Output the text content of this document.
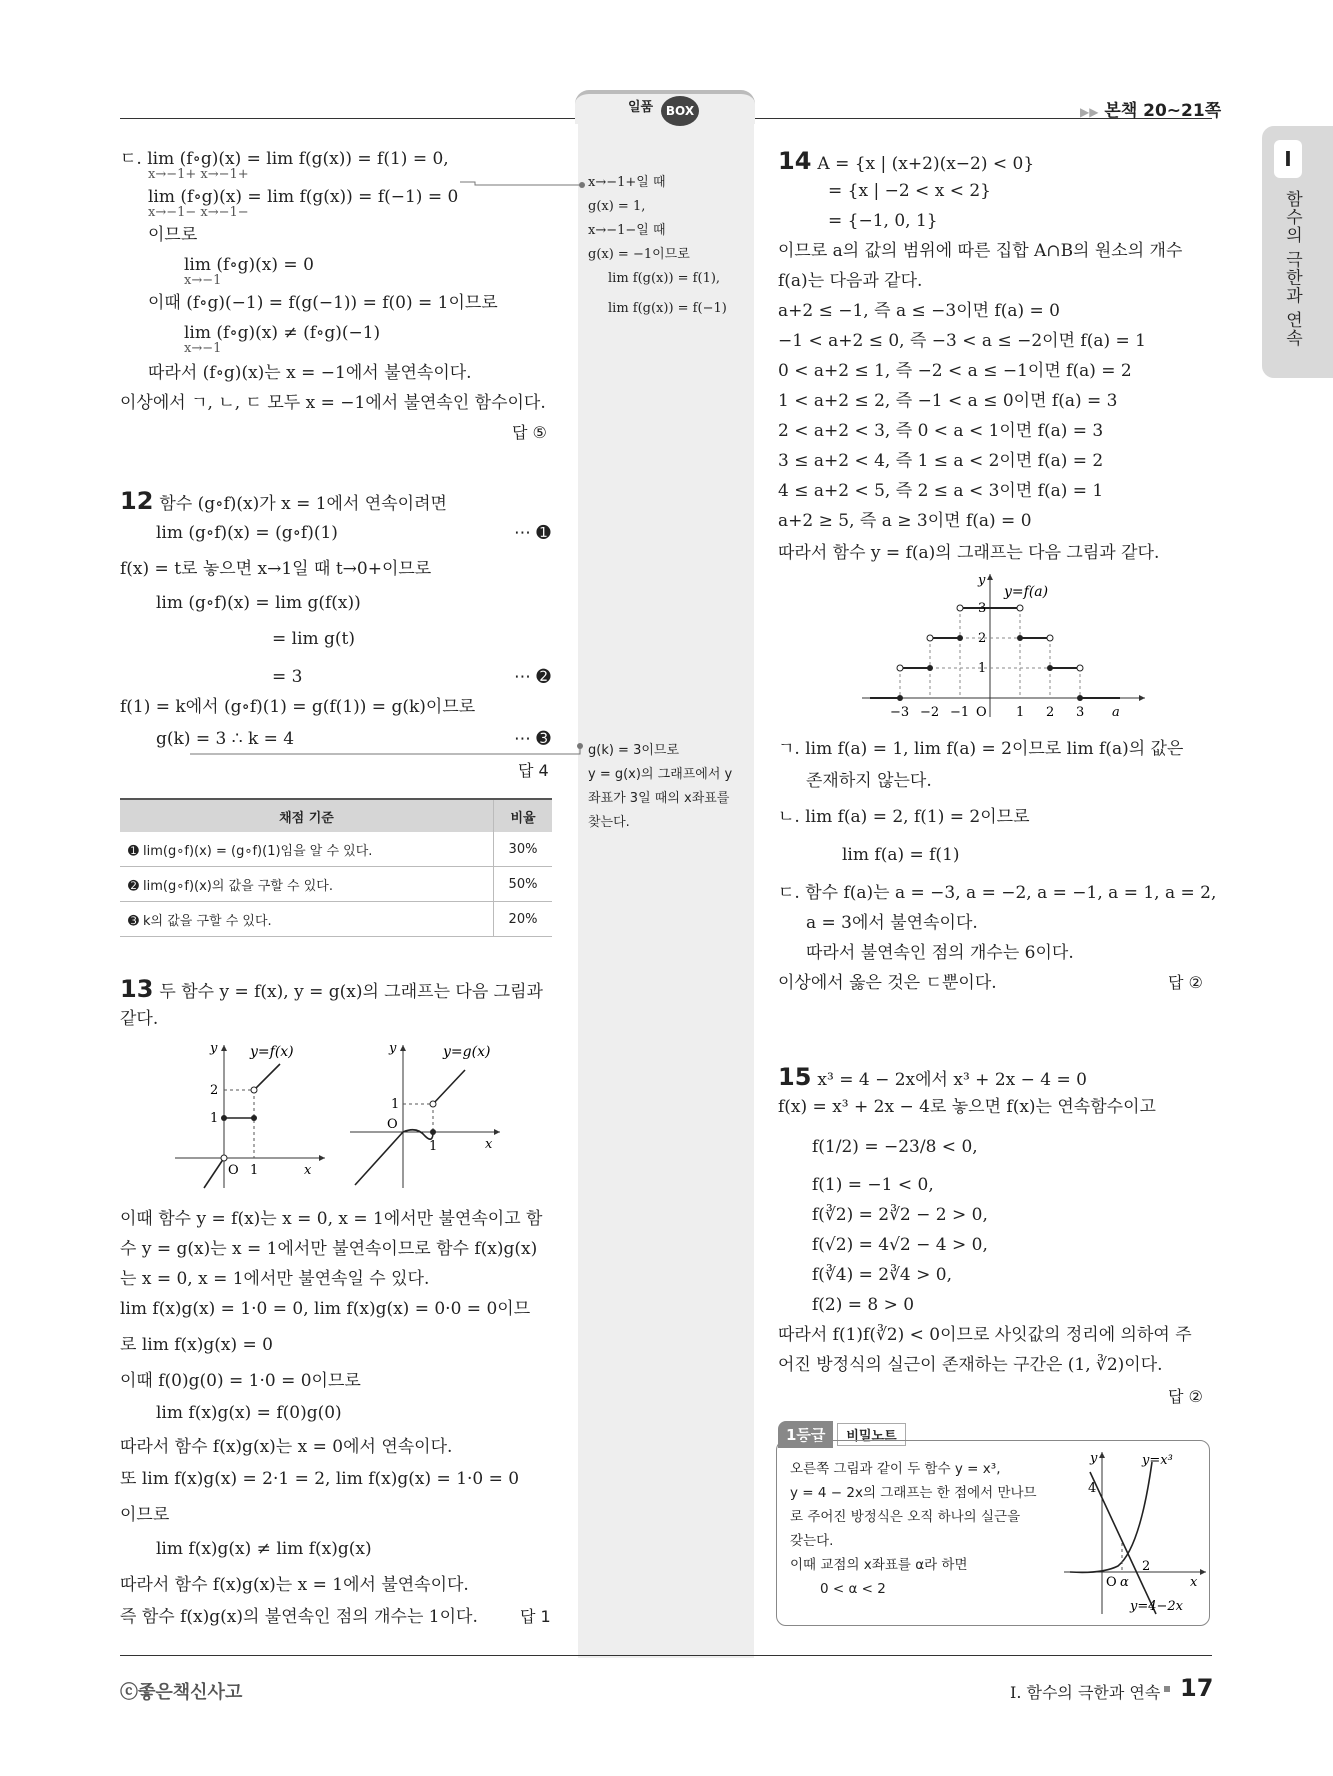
일품	BOX	▶▶ 본책 20~21쪽
I
함수의 극한과 연속
ㄷ. lim (f∘g)(x) = lim f(g(x)) = f(1) = 0,
x→−1+ x→−1+
lim (f∘g)(x) = lim f(g(x)) = f(−1) = 0
x→−1− x→−1−
이므로
lim (f∘g)(x) = 0
x→−1
이때 (f∘g)(−1) = f(g(−1)) = f(0) = 1이므로
lim (f∘g)(x) ≠ (f∘g)(−1)
x→−1
따라서 (f∘g)(x)는 x = −1에서 불연속이다.
이상에서 ㄱ, ㄴ, ㄷ 모두 x = −1에서 불연속인 함수이다.
답 ⑤
x→−1+일 때
g(x) = 1,
x→−1−일 때
g(x) = −1이므로
lim f(g(x)) = f(1),
lim f(g(x)) = f(−1)
12 함수 (g∘f)(x)가 x = 1에서 연속이려면
lim (g∘f)(x) = (g∘f)(1)
f(x) = t로 놓으면 x→1일 때 t→0+이므로
lim (g∘f)(x) = lim g(f(x))
= lim g(t)
= 3
f(1) = k에서 (g∘f)(1) = g(f(1)) = g(k)이므로
g(k) = 3 ∴ k = 4
⋯ ➊
⋯ ➋
⋯ ➌
답 4
g(k) = 3이므로
y = g(x)의 그래프에서 y
좌표가 3일 때의 x좌표를
찾는다.
채점 기준	비율
➊ lim(g∘f)(x) = (g∘f)(1)임을 알 수 있다.	30%
➋ lim(g∘f)(x)의 값을 구할 수 있다.	50%
➌ k의 값을 구할 수 있다.	20%
13 두 함수 y = f(x), y = g(x)의 그래프는 다음 그림과
같다.
y=f(x)
2
1
O 1	x
y	y=g(x)
1
O
1	x
y
이때 함수 y = f(x)는 x = 0, x = 1에서만 불연속이고 함
수 y = g(x)는 x = 1에서만 불연속이므로 함수 f(x)g(x)
는 x = 0, x = 1에서만 불연속일 수 있다.
lim f(x)g(x) = 1·0 = 0, lim f(x)g(x) = 0·0 = 0이므
로 lim f(x)g(x) = 0
이때 f(0)g(0) = 1·0 = 0이므로
lim f(x)g(x) = f(0)g(0)
따라서 함수 f(x)g(x)는 x = 0에서 연속이다.
또 lim f(x)g(x) = 2·1 = 2, lim f(x)g(x) = 1·0 = 0
이므로
lim f(x)g(x) ≠ lim f(x)g(x)
따라서 함수 f(x)g(x)는 x = 1에서 불연속이다.
즉 함수 f(x)g(x)의 불연속인 점의 개수는 1이다.	답 1
14 A = {x | (x+2)(x−2) < 0}
= {x | −2 < x < 2}
= {−1, 0, 1}
이므로 a의 값의 범위에 따른 집합 A∩B의 원소의 개수
f(a)는 다음과 같다.
a+2 ≤ −1, 즉 a ≤ −3이면 f(a) = 0
−1 < a+2 ≤ 0, 즉 −3 < a ≤ −2이면 f(a) = 1
0 < a+2 ≤ 1, 즉 −2 < a ≤ −1이면 f(a) = 2
1 < a+2 ≤ 2, 즉 −1 < a ≤ 0이면 f(a) = 3
2 < a+2 < 3, 즉 0 < a < 1이면 f(a) = 3
3 ≤ a+2 < 4, 즉 1 ≤ a < 2이면 f(a) = 2
4 ≤ a+2 < 5, 즉 2 ≤ a < 3이면 f(a) = 1
a+2 ≥ 5, 즉 a ≥ 3이면 f(a) = 0
따라서 함수 y = f(a)의 그래프는 다음 그림과 같다.
y=f(a)
y
3
2
1
−3 −2 −1 O 1 2 3 a
ㄱ. lim f(a) = 1, lim f(a) = 2이므로 lim f(a)의 값은
존재하지 않는다.
ㄴ. lim f(a) = 2, f(1) = 2이므로
lim f(a) = f(1)
ㄷ. 함수 f(a)는 a = −3, a = −2, a = −1, a = 1, a = 2,
a = 3에서 불연속이다.
따라서 불연속인 점의 개수는 6이다.
이상에서 옳은 것은 ㄷ뿐이다.	답 ②
15 x³ = 4 − 2x에서 x³ + 2x − 4 = 0
f(x) = x³ + 2x − 4로 놓으면 f(x)는 연속함수이고
f(1/2) = −23/8 < 0,
f(1) = −1 < 0,
f(∛2) = 2∛2 − 2 > 0,
f(√2) = 4√2 − 4 > 0,
f(∛4) = 2∛4 > 0,
f(2) = 8 > 0
따라서 f(1)f(∛2) < 0이므로 사잇값의 정리에 의하여 주
어진 방정식의 실근이 존재하는 구간은 (1, ∛2)이다.
답 ②
1등급 비밀노트
오른쪽 그림과 같이 두 함수 y = x³,
y = 4 − 2x의 그래프는 한 점에서 만나므
로 주어진 방정식은 오직 하나의 실근을
갖는다.
이때 교점의 x좌표를 α라 하면
0 < α < 2
y=x³
y=4−2x
4
2
O α	x
y
ⓒ좋은책신사고	I. 함수의 극한과 연속 17
